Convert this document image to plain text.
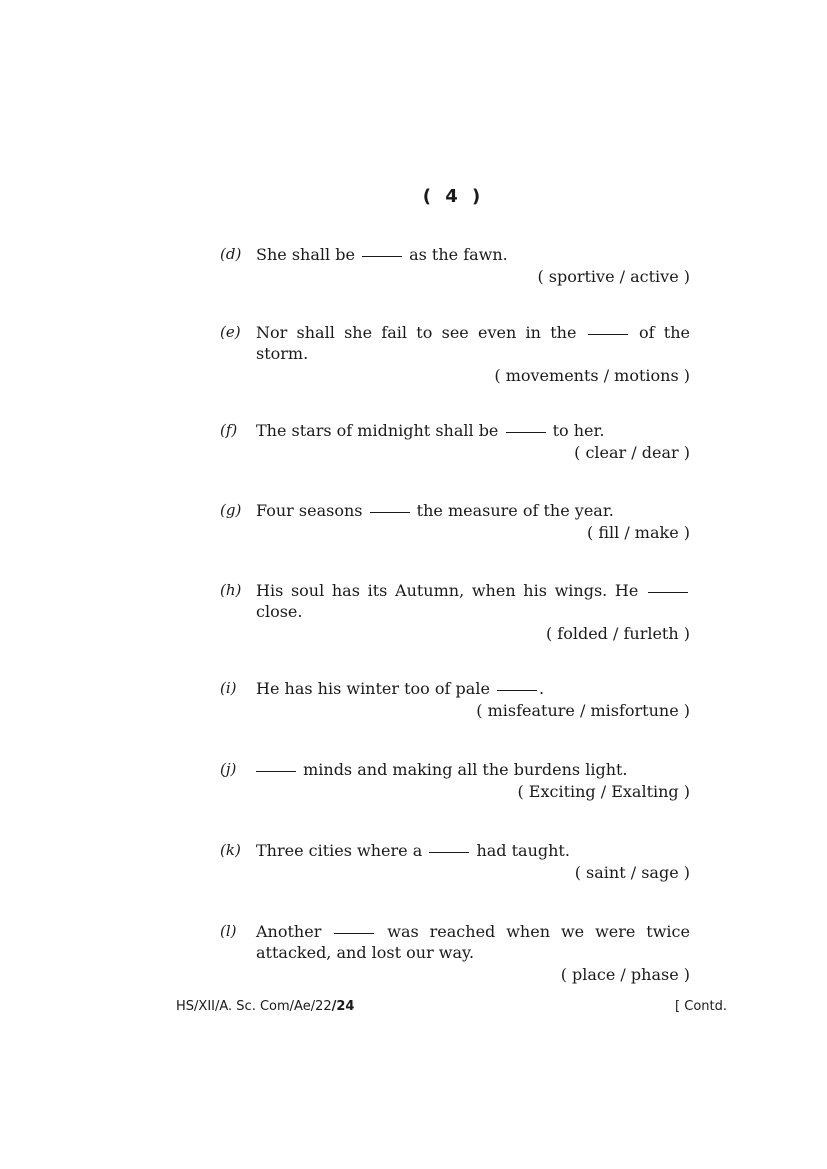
( 4 )
(d) She shall be	as the fawn.
( sportive / active )
(e) Nor shall she fail to see even in the	of the storm.
( movements / motions )
(f) The stars of midnight shall be	to her.
( clear / dear )
(g) Four seasons	the measure of the year.
( fill / make )
(h) His soul has its Autumn, when his wings. He  close.
( folded / furleth )
(i) He has his winter too of pale	.
( misfeature / misfortune )
(j)	minds and making all the burdens light.
( Exciting / Exalting )
(k) Three cities where a	had taught.
( saint / sage )
(l) Another	was reached when we were twice attacked, and lost our way.
( place / phase )
HS/XII/A. Sc. Com/Ae/22/24	[ Contd.
